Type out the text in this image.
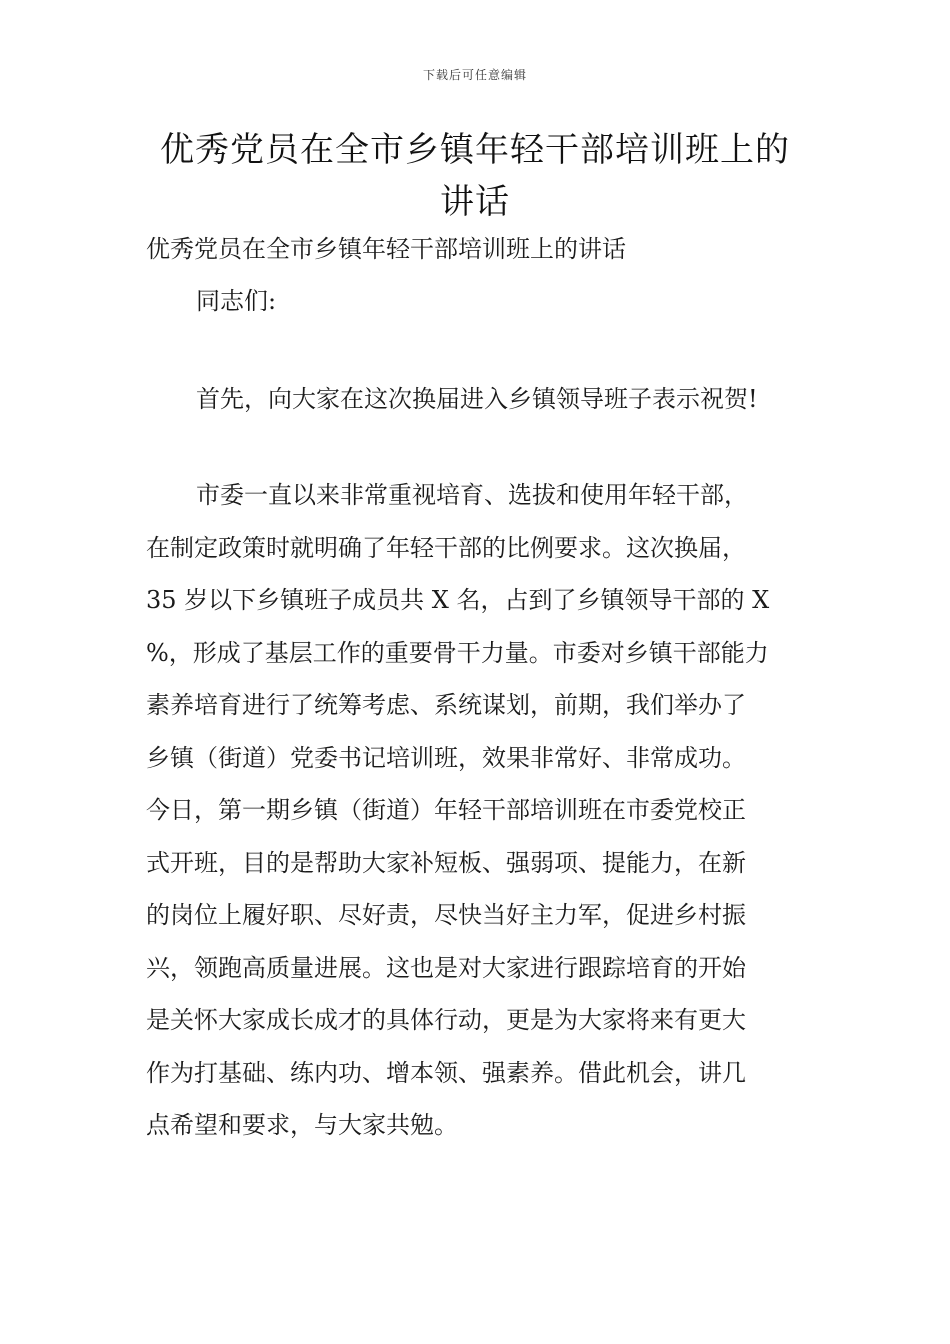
下载后可任意编辑
优秀党员在全市乡镇年轻干部培训班上的
讲话
优秀党员在全市乡镇年轻干部培训班上的讲话
同志们:
首先，向大家在这次换届进入乡镇领导班子表示祝贺!
市委一直以来非常重视培育、选拔和使用年轻干部，
在制定政策时就明确了年轻干部的比例要求。这次换届，
35 岁以下乡镇班子成员共 X 名，占到了乡镇领导干部的 X
%，形成了基层工作的重要骨干力量。市委对乡镇干部能力
素养培育进行了统筹考虑、系统谋划，前期，我们举办了
乡镇（街道）党委书记培训班，效果非常好、非常成功。
今日，第一期乡镇（街道）年轻干部培训班在市委党校正
式开班，目的是帮助大家补短板、强弱项、提能力，在新
的岗位上履好职、尽好责，尽快当好主力军，促进乡村振
兴，领跑高质量进展。这也是对大家进行跟踪培育的开始
是关怀大家成长成才的具体行动，更是为大家将来有更大
作为打基础、练内功、增本领、强素养。借此机会，讲几
点希望和要求，与大家共勉。
